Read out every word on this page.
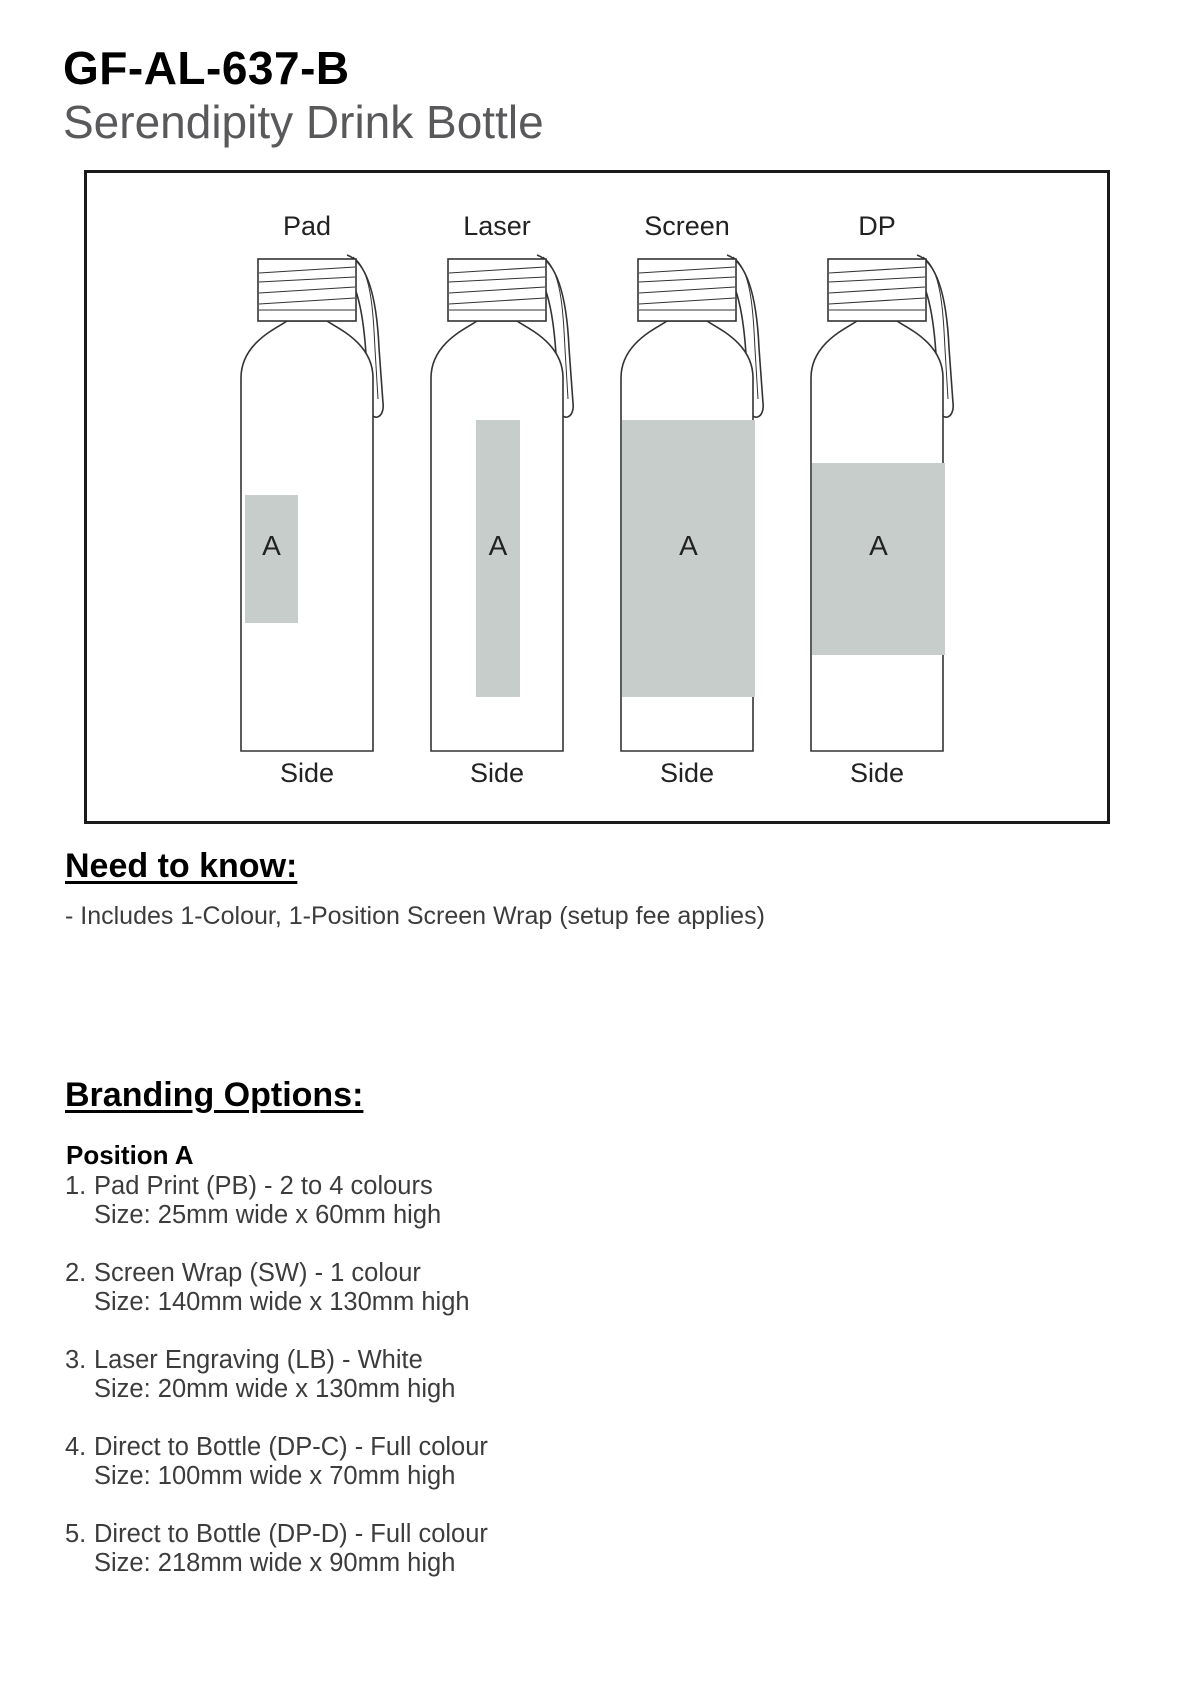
GF-AL-637-B
Serendipity Drink Bottle
A
Pad
Side
A
Laser
Side
A
Screen
Side
A
DP
Side
Need to know:
- Includes 1-Colour, 1-Position Screen Wrap (setup fee applies)
Branding Options:
Position A
1. Pad Print (PB) - 2 to 4 colours
Size: 25mm wide x 60mm high
2. Screen Wrap (SW) - 1 colour
Size: 140mm wide x 130mm high
3. Laser Engraving (LB) - White
Size: 20mm wide x 130mm high
4. Direct to Bottle (DP-C) - Full colour
Size: 100mm wide x 70mm high
5. Direct to Bottle (DP-D) - Full colour
Size: 218mm wide x 90mm high
